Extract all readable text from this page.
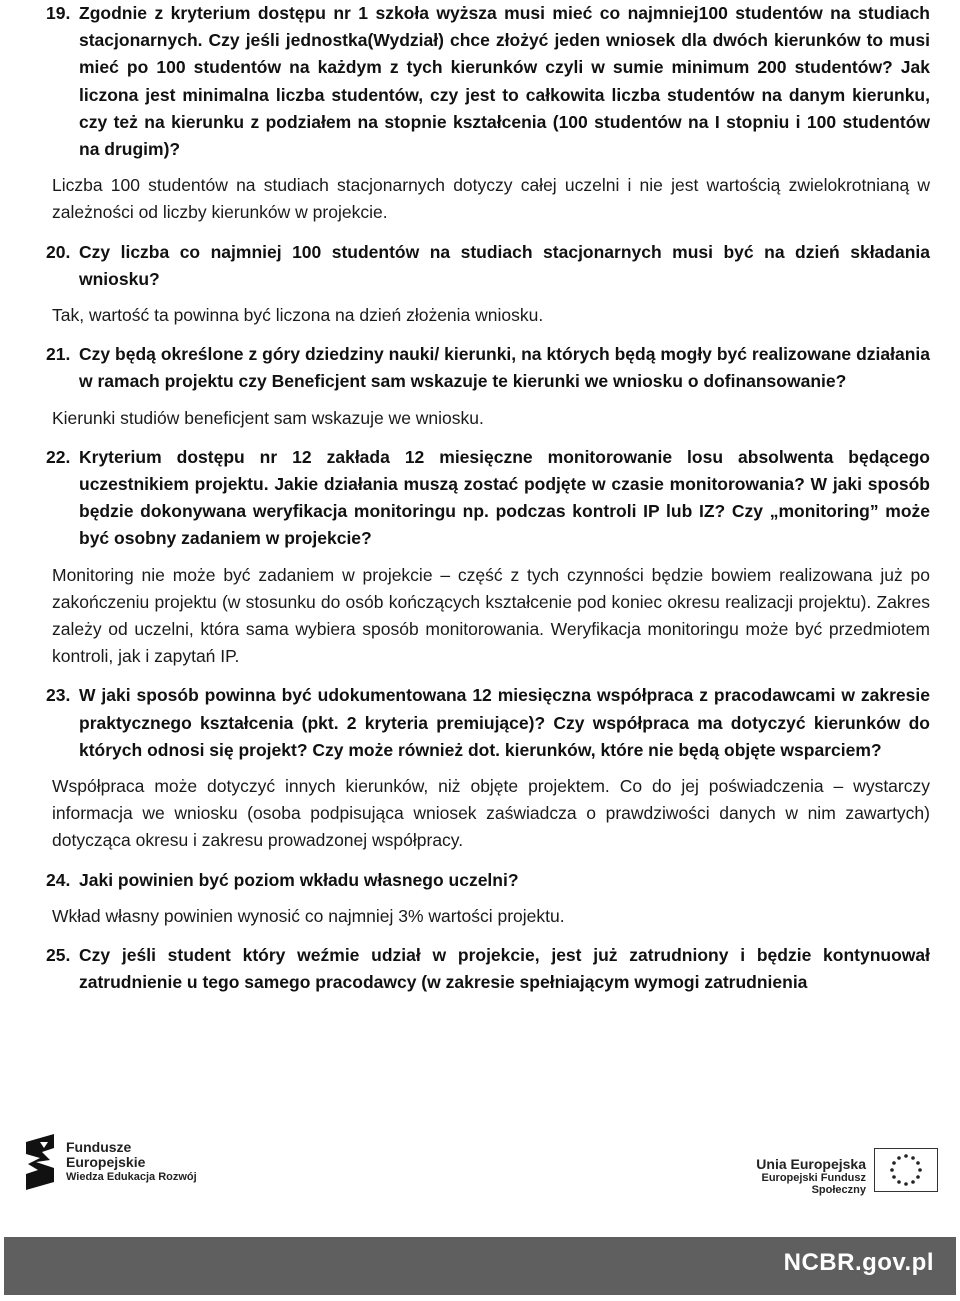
19. Zgodnie z kryterium dostępu nr 1 szkoła wyższa musi mieć co najmniej100 studentów na studiach stacjonarnych. Czy jeśli jednostka(Wydział) chce złożyć jeden wniosek dla dwóch kierunków to musi mieć po 100 studentów na każdym z tych kierunków czyli w sumie minimum 200 studentów? Jak liczona jest minimalna liczba studentów, czy jest to całkowita liczba studentów na danym kierunku, czy też na kierunku z podziałem na stopnie kształcenia (100 studentów na I stopniu i 100 studentów na drugim)?

Liczba 100 studentów na studiach stacjonarnych dotyczy całej uczelni i nie jest wartością zwielokrotnianą w zależności od liczby kierunków w projekcie.

20. Czy liczba co najmniej 100 studentów na studiach stacjonarnych musi być na dzień składania wniosku?

Tak, wartość ta powinna być liczona na dzień złożenia wniosku.

21. Czy będą określone z góry dziedziny nauki/ kierunki, na których będą mogły być realizowane działania w ramach projektu czy Beneficjent sam wskazuje te kierunki we wniosku o dofinansowanie?

Kierunki studiów beneficjent sam wskazuje we wniosku.

22. Kryterium dostępu nr 12 zakłada 12 miesięczne monitorowanie losu absolwenta będącego uczestnikiem projektu. Jakie działania muszą zostać podjęte w czasie monitorowania? W jaki sposób będzie dokonywana weryfikacja monitoringu np. podczas kontroli IP lub IZ? Czy „monitoring” może być osobny zadaniem w projekcie?

Monitoring nie może być zadaniem w projekcie – część z tych czynności będzie bowiem realizowana już po zakończeniu projektu (w stosunku do osób kończących kształcenie pod koniec okresu realizacji projektu). Zakres zależy od uczelni, która sama wybiera sposób monitorowania. Weryfikacja monitoringu może być przedmiotem kontroli, jak i zapytań IP.

23. W jaki sposób powinna być udokumentowana 12 miesięczna współpraca z pracodawcami w zakresie praktycznego kształcenia (pkt. 2 kryteria premiujące)? Czy współpraca ma dotyczyć kierunków do których odnosi się projekt? Czy może również dot. kierunków, które nie będą objęte wsparciem?

Współpraca może dotyczyć innych kierunków, niż objęte projektem. Co do jej poświadczenia – wystarczy informacja we wniosku (osoba podpisująca wniosek zaświadcza o prawdziwości danych w nim zawartych) dotycząca okresu i zakresu prowadzonej współpracy.

24. Jaki powinien być poziom wkładu własnego uczelni?

Wkład własny powinien wynosić co najmniej 3% wartości projektu.

25. Czy jeśli student który weźmie udział w projekcie, jest już zatrudniony i będzie kontynuował zatrudnienie u tego samego pracodawcy (w zakresie spełniającym wymogi zatrudnienia

Fundusze
Europejskie
Wiedza Edukacja Rozwój
Unia Europejska
Europejski Fundusz Społeczny
NCBR.gov.pl
